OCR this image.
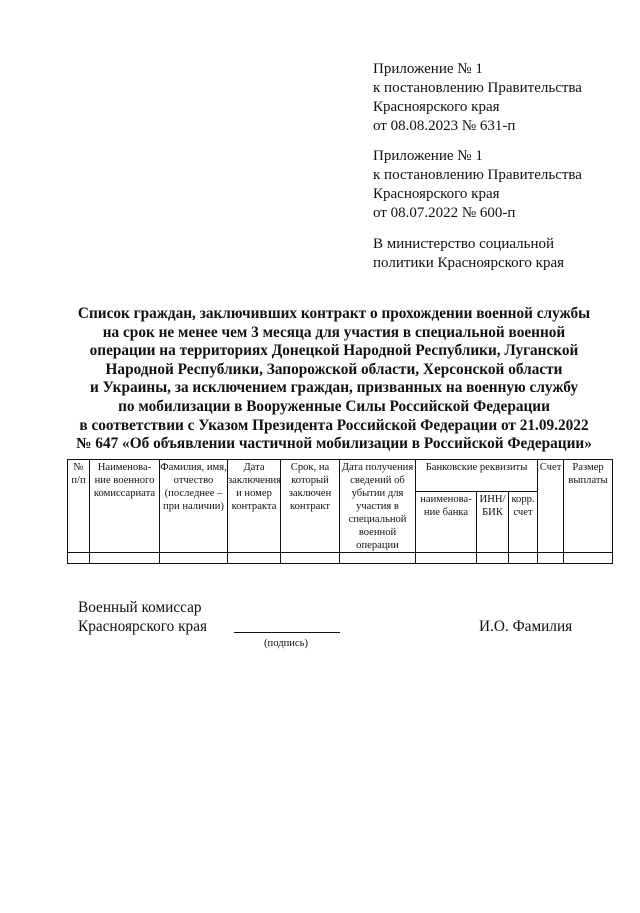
Приложение № 1
к постановлению Правительства
Красноярского края
от 08.08.2023 № 631-п
Приложение № 1
к постановлению Правительства
Красноярского края
от 08.07.2022 № 600-п
В министерство социальной
политики Красноярского края
Список граждан, заключивших контракт о прохождении военной службы
на срок не менее чем 3 месяца для участия в специальной военной
операции на территориях Донецкой Народной Республики, Луганской
Народной Республики, Запорожской области, Херсонской области
и Украины, за исключением граждан, призванных на военную службу
по мобилизации в Вооруженные Силы Российской Федерации
в соответствии с Указом Президента Российской Федерации от 21.09.2022
№ 647 «Об объявлении частичной мобилизации в Российской Федерации»
№ п/п	Наименова-ние военного комиссариата	Фамилия, имя, отчество (последнее – при наличии)	Дата заключения и номер контракта	Срок, на который заключен контракт	Дата получения сведений об убытии для участия в специальной военной операции	Банковские реквизиты			Счет	Размер выплаты
						наименова-ние банка	ИНН/ БИК	корр. счет		

Военный комиссар
Красноярского края
(подпись)
И.О. Фамилия
